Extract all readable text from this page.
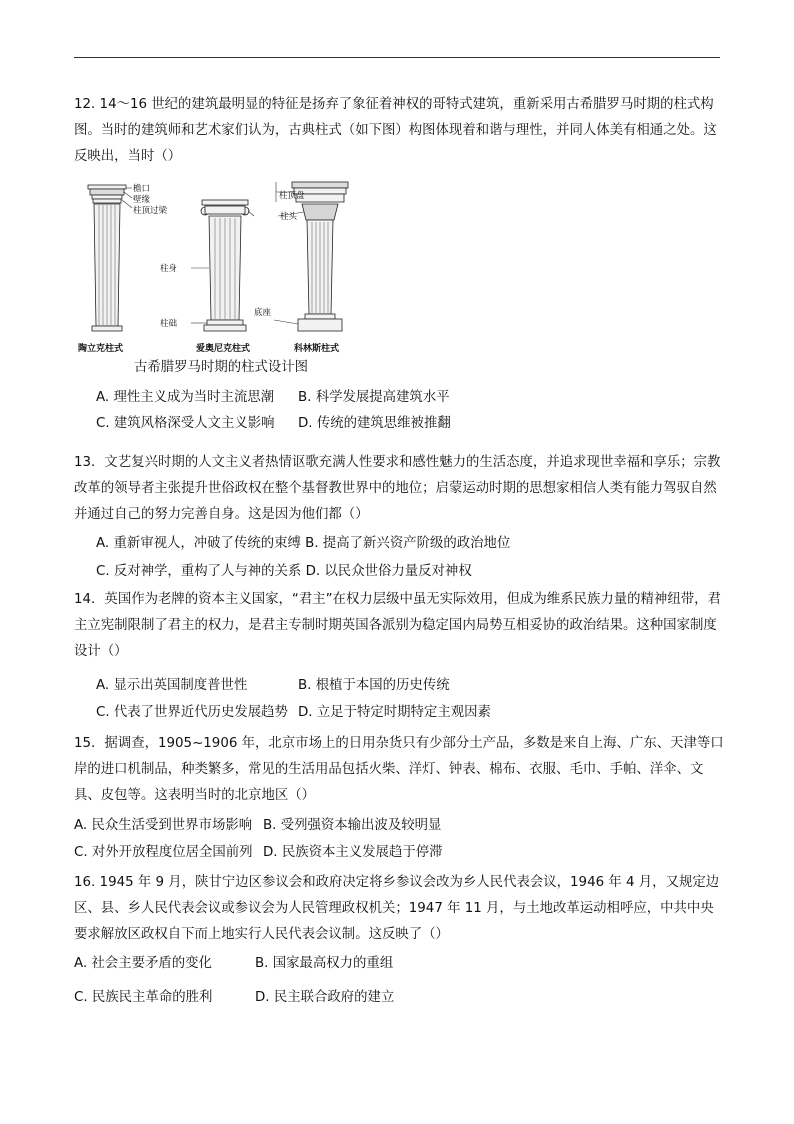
12. 14～16 世纪的建筑最明显的特征是扬弃了象征着神权的哥特式建筑，重新采用古希腊罗马时期的柱式构图。当时的建筑师和艺术家们认为，古典柱式（如下图）构图体现着和谐与理性，并同人体美有相通之处。这反映出，当时（）
檐口
壁缘
柱顶过梁
柱顶盘
柱头
柱身
柱础
底座
陶立克柱式	爱奥尼克柱式	科林斯柱式
古希腊罗马时期的柱式设计图
A. 理性主义成为当时主流思潮 B. 科学发展提高建筑水平
C. 建筑风格深受人文主义影响 D. 传统的建筑思维被推翻
13．文艺复兴时期的人文主义者热情讴歌充满人性要求和感性魅力的生活态度，并追求现世幸福和享乐；宗教改革的领导者主张提升世俗政权在整个基督教世界中的地位；启蒙运动时期的思想家相信人类有能力驾驭自然并通过自己的努力完善自身。这是因为他们都（）
A. 重新审视人，冲破了传统的束缚 B. 提高了新兴资产阶级的政治地位
C. 反对神学，重构了人与神的关系 D. 以民众世俗力量反对神权
14．英国作为老牌的资本主义国家，“君主”在权力层级中虽无实际效用，但成为维系民族力量的精神纽带，君主立宪制限制了君主的权力，是君主专制时期英国各派别为稳定国内局势互相妥协的政治结果。这种国家制度设计（）
A. 显示出英国制度普世性	B. 根植于本国的历史传统
C. 代表了世界近代历史发展趋势 D. 立足于特定时期特定主观因素
15．据调查，1905~1906 年，北京市场上的日用杂货只有少部分土产品，多数是来自上海、广东、天津等口岸的进口机制品，种类繁多，常见的生活用品包括火柴、洋灯、钟表、棉布、衣服、毛巾、手帕、洋伞、文具、皮包等。这表明当时的北京地区（）
A. 民众生活受到世界市场影响 B. 受列强资本输出波及较明显
C. 对外开放程度位居全国前列 D. 民族资本主义发展趋于停滞
16. 1945 年 9 月，陕甘宁边区参议会和政府决定将乡参议会改为乡人民代表会议，1946 年 4 月，又规定边区、县、乡人民代表会议或参议会为人民管理政权机关；1947 年 11 月，与土地改革运动相呼应，中共中央要求解放区政权自下而上地实行人民代表会议制。这反映了（）
A. 社会主要矛盾的变化	B. 国家最高权力的重组
C. 民族民主革命的胜利	D. 民主联合政府的建立
